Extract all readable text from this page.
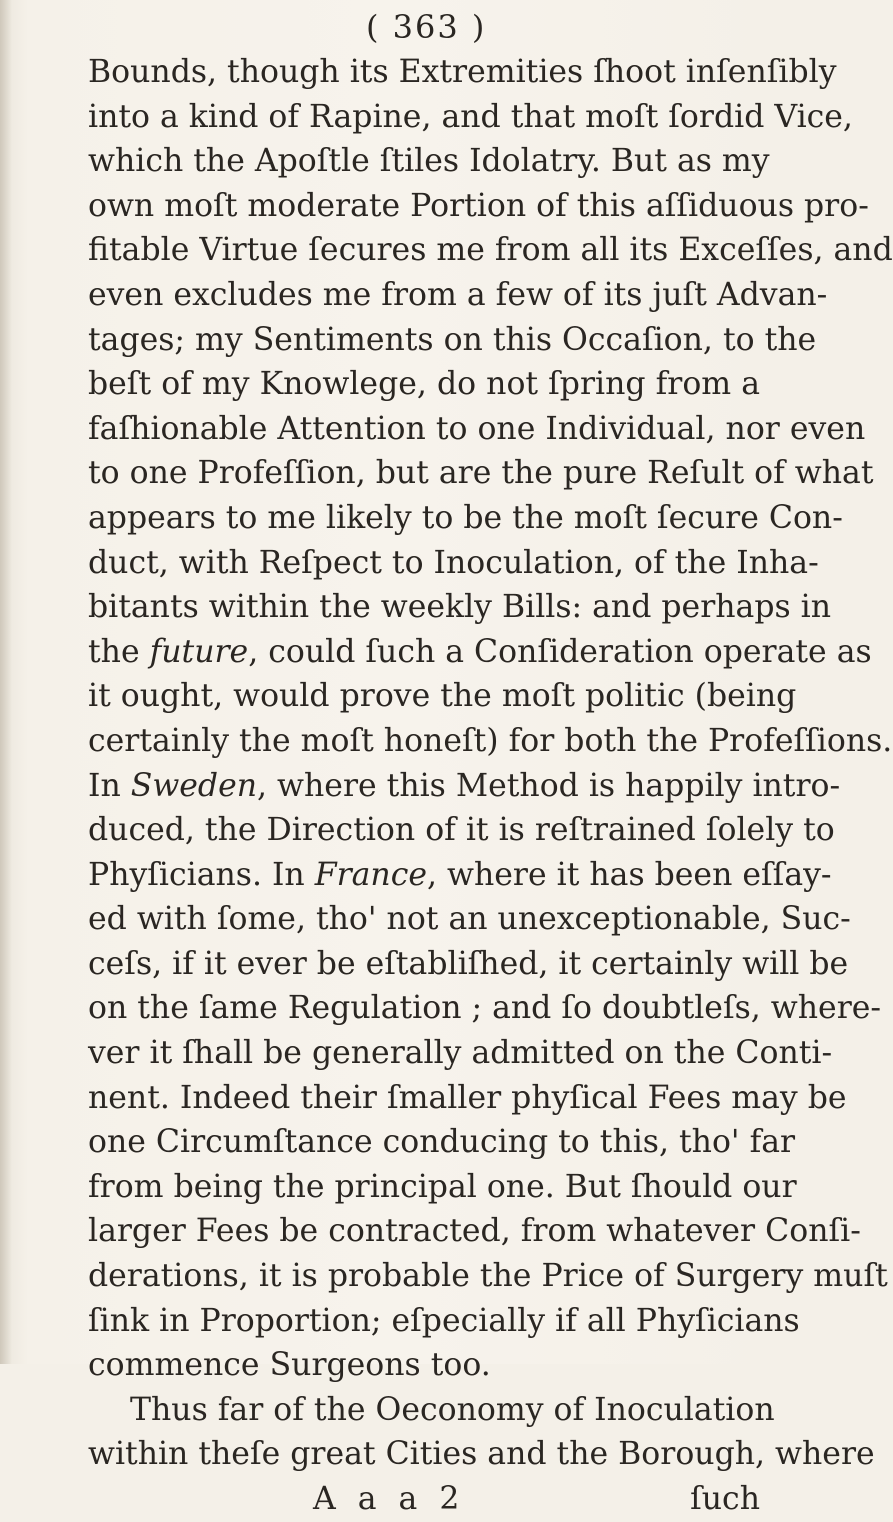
( 363 )
Bounds, though its Extremities ſhoot inſenſibly
into a kind of Rapine, and that moſt ſordid Vice,
which the Apoſtle ſtiles Idolatry. But as my
own moſt moderate Portion of this aſſiduous pro-
fitable Virtue ſecures me from all its Exceſſes, and
even excludes me from a few of its juſt Advan-
tages; my Sentiments on this Occaſion, to the
beſt of my Knowlege, do not ſpring from a
faſhionable Attention to one Individual, nor even
to one Profeſſion, but are the pure Reſult of what
appears to me likely to be the moſt ſecure Con-
duct, with Reſpect to Inoculation, of the Inha-
bitants within the weekly Bills: and perhaps in
the future, could ſuch a Conſideration operate as
it ought, would prove the moſt politic (being
certainly the moſt honeſt) for both the Profeſſions.
In Sweden, where this Method is happily intro-
duced, the Direction of it is reſtrained ſolely to
Phyſicians. In France, where it has been eſſay-
ed with ſome, tho' not an unexceptionable, Suc-
ceſs, if it ever be eſtabliſhed, it certainly will be
on the ſame Regulation ; and ſo doubtleſs, where-
ver it ſhall be generally admitted on the Conti-
nent. Indeed their ſmaller phyſical Fees may be
one Circumſtance conducing to this, tho' far
from being the principal one. But ſhould our
larger Fees be contracted, from whatever Conſi-
derations, it is probable the Price of Surgery muſt
ſink in Proportion; eſpecially if all Phyſicians
commence Surgeons too.
Thus far of the Oeconomy of Inoculation
within theſe great Cities and the Borough, where
A a a 2	ſuch
